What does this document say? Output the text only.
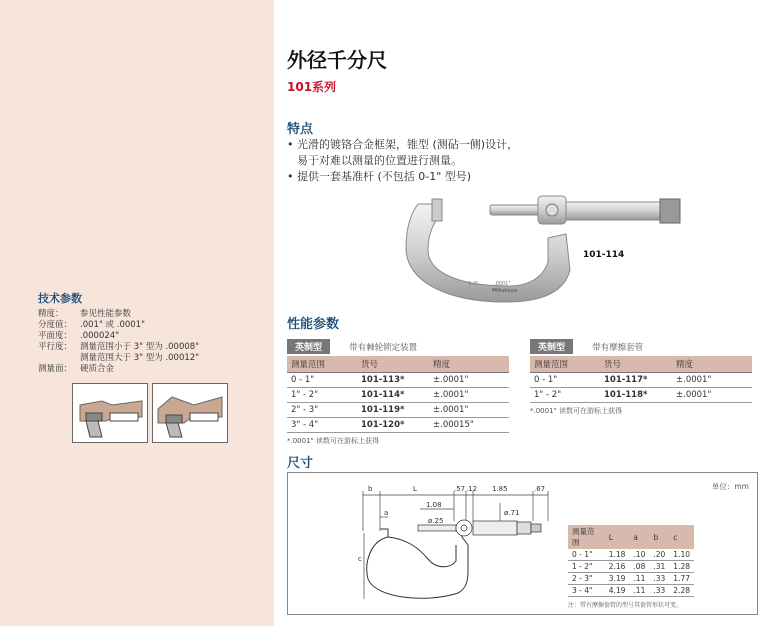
技术参数
精度：	参见性能参数
分度值：	.001" 或 .0001"
平面度：	.000024"
平行度：	测量范围小于 3" 型为 .00008"
	测量范围大于 3" 型为 .00012"
测量面：	硬质合金
外径千分尺
101系列
特点
• 光滑的镀铬合金框架，锥型 (测砧一侧)设计，易于对难以测量的位置进行测量。
• 提供一套基准杆 (不包括 0-1" 型号)
1-2"	.0001"
Mitutoyo
101-114
性能参数
英制型	带有棘轮锁定装置
测量范围	货号	精度
0 - 1"	101-113*	±.0001"
1" - 2"	101-114*	±.0001"
2" - 3"	101-119*	±.0001"
3" - 4"	101-120*	±.00015"
*.0001" 读数可在游标上获得
英制型	带有摩擦套管
测量范围	货号	精度
0 - 1"	101-117*	±.0001"
1" - 2"	101-118*	±.0001"
*.0001" 读数可在游标上获得
尺寸
单位：mm
b	L	.57 .12 1.85	.67
1.08
a
ø.25
ø.71
c
测量范围	L	a	b	c
0 - 1"	1.18	.10	.20	1.10
1 - 2"	2.16	.08	.31	1.28
2 - 3"	3.19	.11	.33	1.77
3 - 4"	4.19	.11	.33	2.28
注：带有摩擦套管的型号其套管形状可变。
